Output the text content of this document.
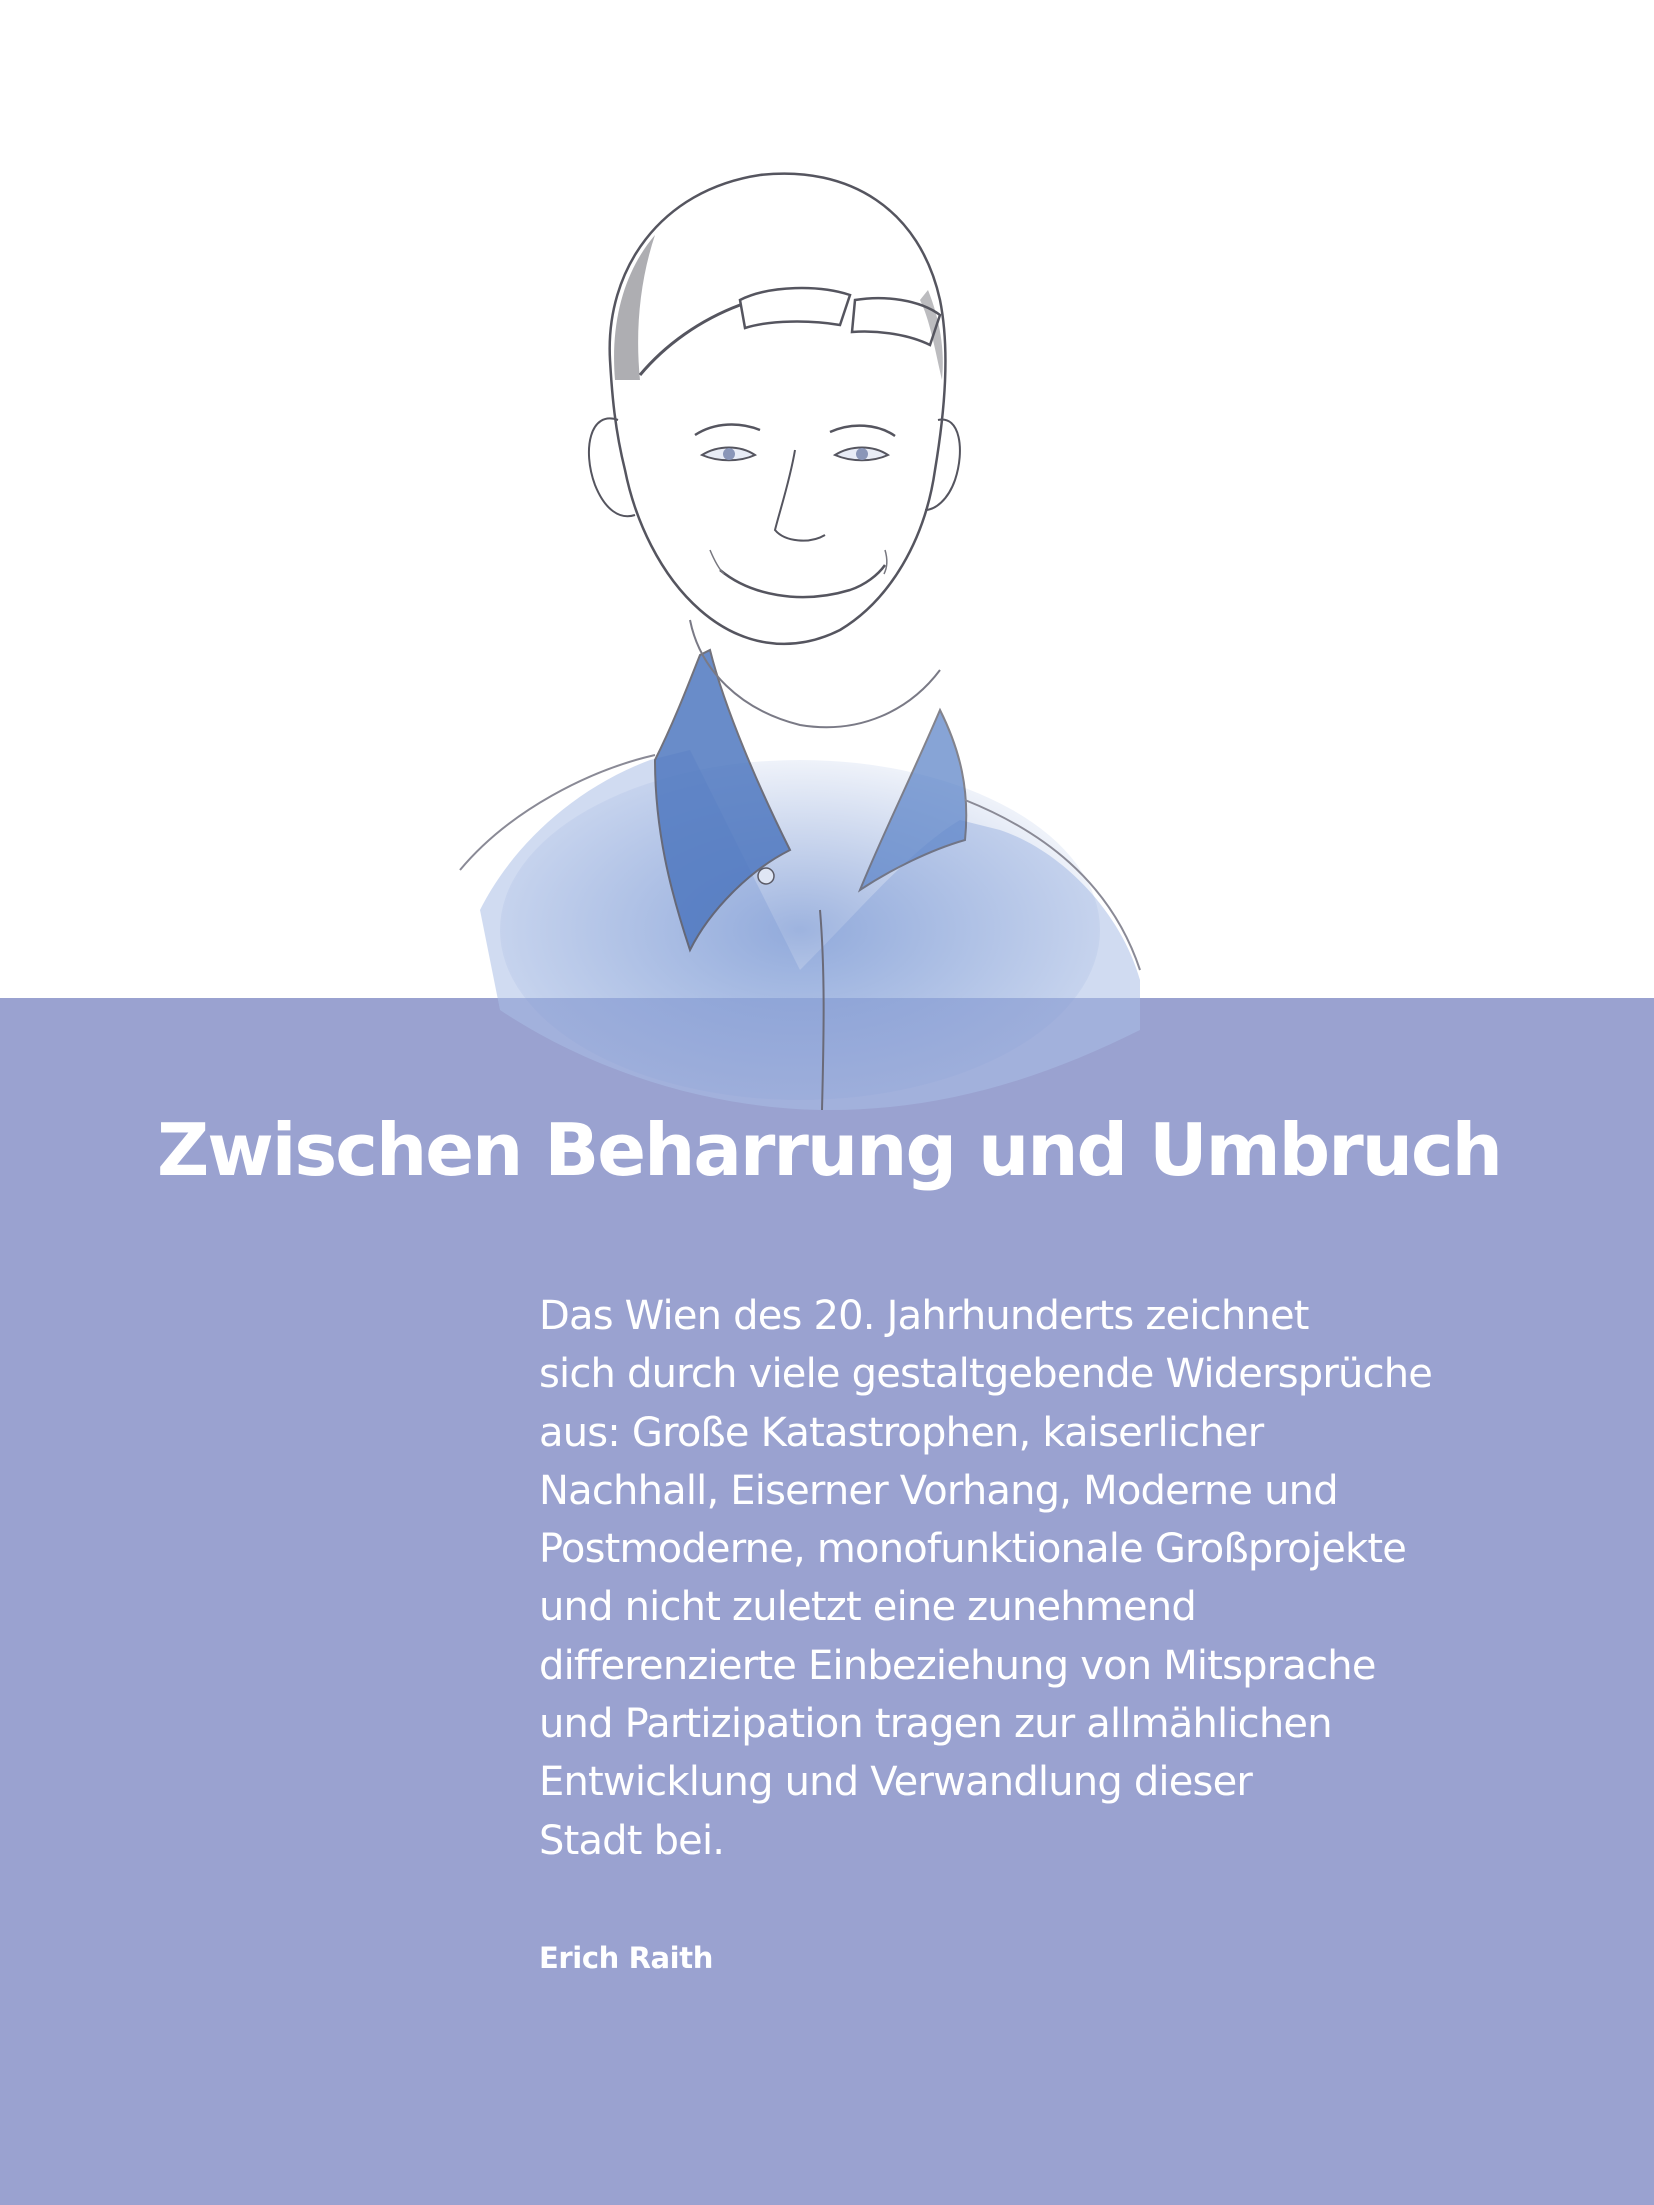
Zwischen Beharrung und Umbruch

Das Wien des 20. Jahrhunderts zeichnet
sich durch viele gestaltgebende Widersprüche
aus: Große Katastrophen, kaiserlicher
Nachhall, Eiserner Vorhang, Moderne und
Postmoderne, monofunktionale Großprojekte
und nicht zuletzt eine zunehmend
differenzierte Einbeziehung von Mitsprache
und Partizipation tragen zur allmählichen
Entwicklung und Verwandlung dieser
Stadt bei.

Erich Raith
